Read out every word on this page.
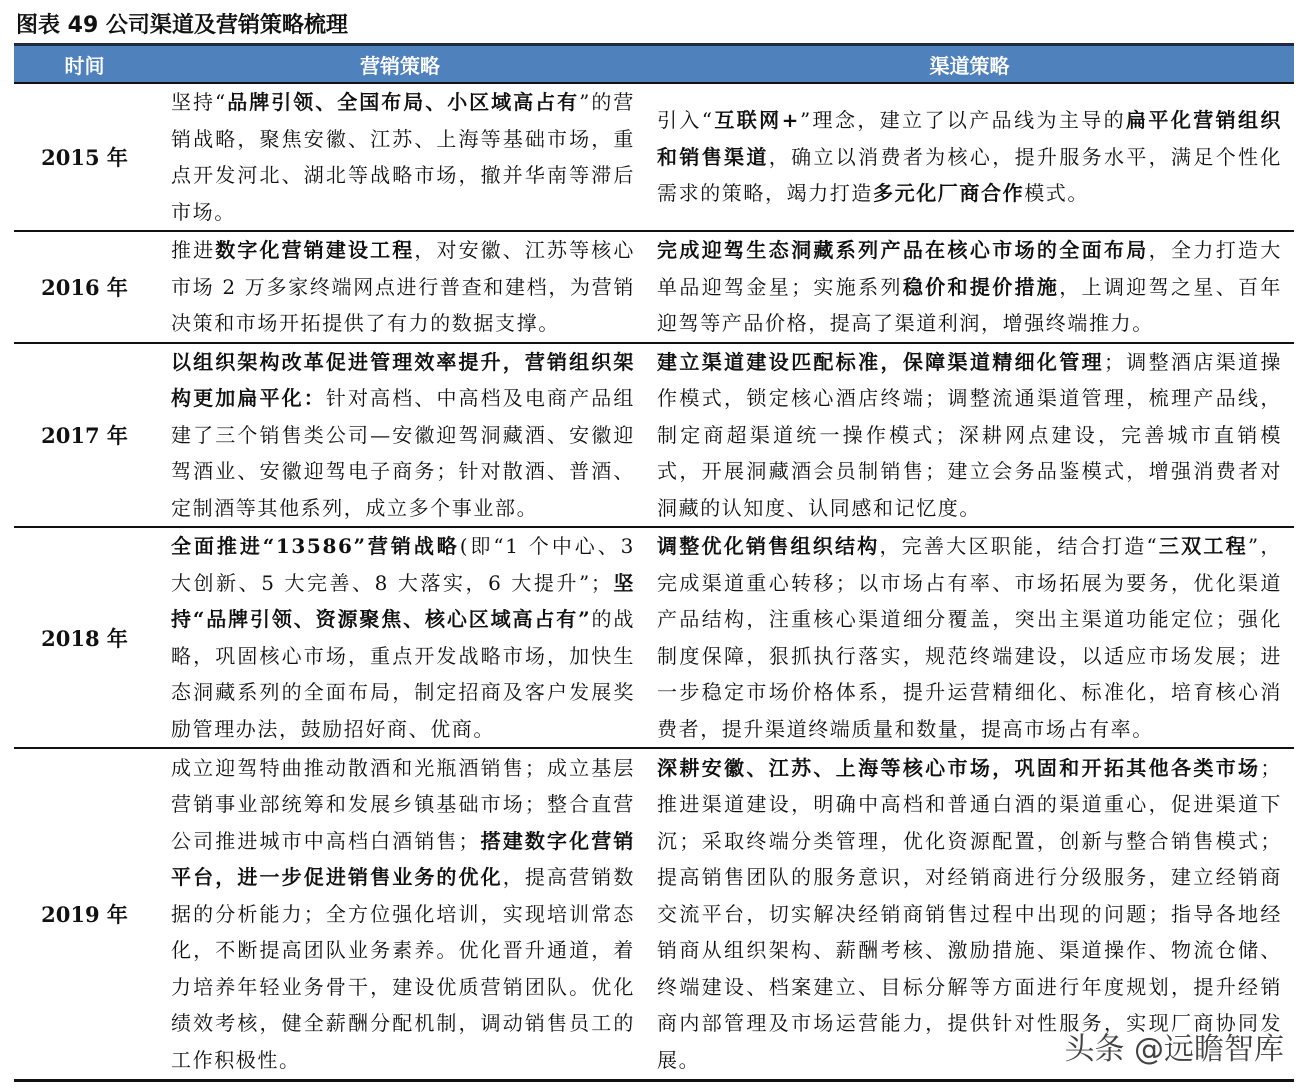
图表 49 公司渠道及营销策略梳理
时间	营销策略	渠道策略
2015 年	坚持“品牌引领、全国布局、小区域高占有”的营销战略，聚焦安徽、江苏、上海等基础市场，重点开发河北、湖北等战略市场，撤并华南等滞后市场。	引入“互联网+”理念，建立了以产品线为主导的扁平化营销组织和销售渠道，确立以消费者为核心，提升服务水平，满足个性化需求的策略，竭力打造多元化厂商合作模式。

2016 年	推进数字化营销建设工程，对安徽、江苏等核心市场 2 万多家终端网点进行普查和建档，为营销决策和市场开拓提供了有力的数据支撑。	完成迎驾生态洞藏系列产品在核心市场的全面布局，全力打造大单品迎驾金星；实施系列稳价和提价措施，上调迎驾之星、百年迎驾等产品价格，提高了渠道利润，增强终端推力。

2017 年	以组织架构改革促进管理效率提升，营销组织架构更加扁平化：针对高档、中高档及电商产品组建了三个销售类公司—安徽迎驾洞藏酒、安徽迎驾酒业、安徽迎驾电子商务；针对散酒、普酒、定制酒等其他系列，成立多个事业部。	建立渠道建设匹配标准，保障渠道精细化管理；调整酒店渠道操作模式，锁定核心酒店终端；调整流通渠道管理，梳理产品线，制定商超渠道统一操作模式；深耕网点建设，完善城市直销模式，开展洞藏酒会员制销售；建立会务品鉴模式，增强消费者对洞藏的认知度、认同感和记忆度。

2018 年	全面推进“13586”营销战略(即“1 个中心、3 大创新、5 大完善、8 大落实，6 大提升”；坚持“品牌引领、资源聚焦、核心区域高占有”的战略，巩固核心市场，重点开发战略市场，加快生态洞藏系列的全面布局，制定招商及客户发展奖励管理办法，鼓励招好商、优商。	调整优化销售组织结构，完善大区职能，结合打造“三双工程”，完成渠道重心转移；以市场占有率、市场拓展为要务，优化渠道产品结构，注重核心渠道细分覆盖，突出主渠道功能定位；强化制度保障，狠抓执行落实，规范终端建设，以适应市场发展；进一步稳定市场价格体系，提升运营精细化、标准化，培育核心消费者，提升渠道终端质量和数量，提高市场占有率。

2019 年	成立迎驾特曲推动散酒和光瓶酒销售；成立基层营销事业部统筹和发展乡镇基础市场；整合直营公司推进城市中高档白酒销售；搭建数字化营销平台，进一步促进销售业务的优化，提高营销数据的分析能力；全方位强化培训，实现培训常态化，不断提高团队业务素养。优化晋升通道，着力培养年轻业务骨干，建设优质营销团队。优化绩效考核，健全薪酬分配机制，调动销售员工的工作积极性。	深耕安徽、江苏、上海等核心市场，巩固和开拓其他各类市场；推进渠道建设，明确中高档和普通白酒的渠道重心，促进渠道下沉；采取终端分类管理，优化资源配置，创新与整合销售模式；提高销售团队的服务意识，对经销商进行分级服务，建立经销商交流平台，切实解决经销商销售过程中出现的问题；指导各地经销商从组织架构、薪酬考核、激励措施、渠道操作、物流仓储、终端建设、档案建立、目标分解等方面进行年度规划，提升经销商内部管理及市场运营能力，提供针对性服务，实现厂商协同发展。	头条 @远瞻智库
